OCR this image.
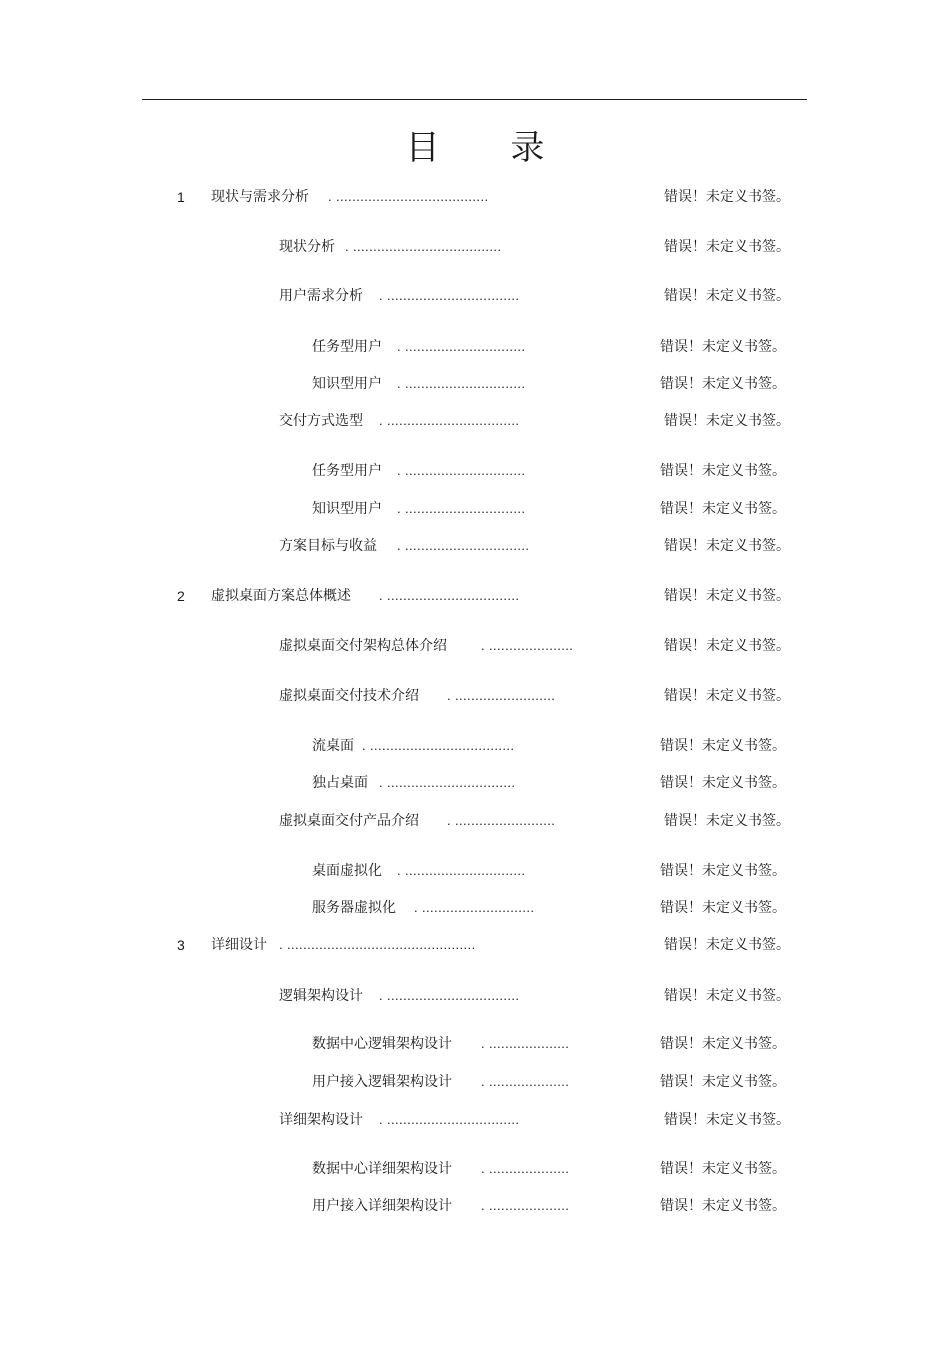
目 录
1 现状与需求分析 . ......................................	错误！未定义书签。
现状分析 . .....................................	错误！未定义书签。
用户需求分析 . .................................	错误！未定义书签。
任务型用户 . ..............................	错误！未定义书签。
知识型用户 . ..............................	错误！未定义书签。
交付方式选型 . .................................	错误！未定义书签。
任务型用户 . ..............................	错误！未定义书签。
知识型用户 . ..............................	错误！未定义书签。
方案目标与收益 . ...............................	错误！未定义书签。
2 虚拟桌面方案总体概述 . .................................	错误！未定义书签。
虚拟桌面交付架构总体介绍	. .....................	错误！未定义书签。
虚拟桌面交付技术介绍 . .........................	错误！未定义书签。
流桌面 . ....................................	错误！未定义书签。
独占桌面 . ................................	错误！未定义书签。
虚拟桌面交付产品介绍 . .........................	错误！未定义书签。
桌面虚拟化 . ..............................	错误！未定义书签。
服务器虚拟化 . ............................	错误！未定义书签。
3 详细设计 . ...............................................	错误！未定义书签。
逻辑架构设计 . .................................	错误！未定义书签。
数据中心逻辑架构设计 . ....................	错误！未定义书签。
用户接入逻辑架构设计 . ....................	错误！未定义书签。
详细架构设计 . .................................	错误！未定义书签。
数据中心详细架构设计 . ....................	错误！未定义书签。
用户接入详细架构设计 . ....................	错误！未定义书签。
